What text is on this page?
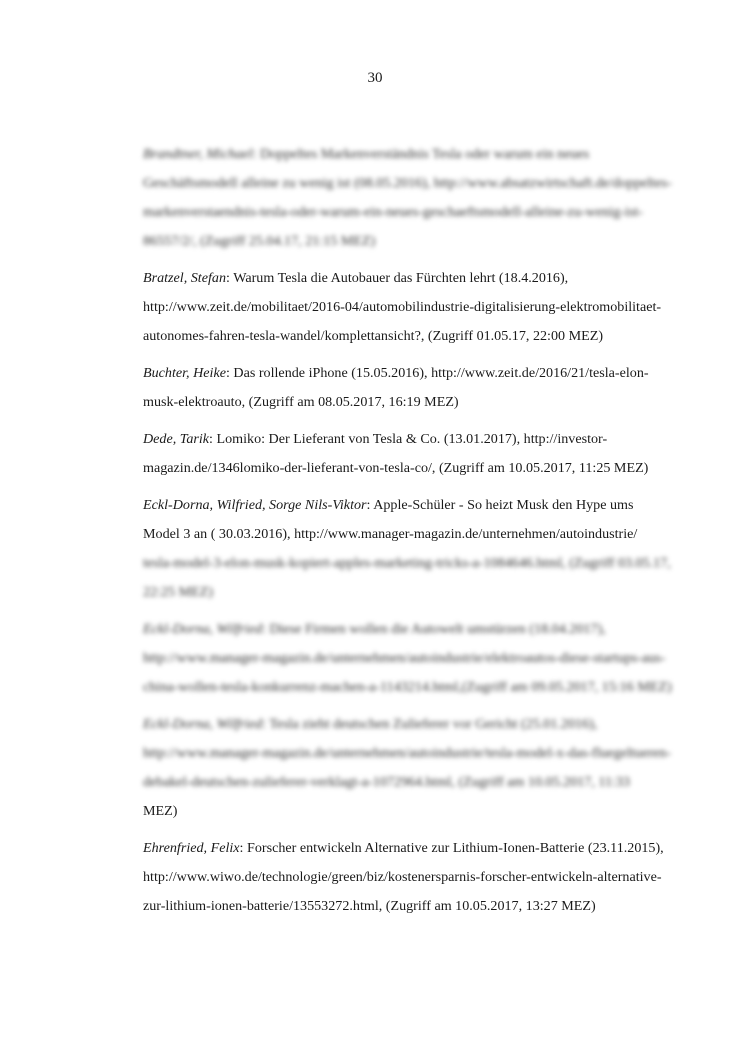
30

Brandtner, Michael: Doppeltes Markenverständnis Tesla oder warum ein neues Geschäftsmodell alleine zu wenig ist (08.05.2016), http://www.absatzwirtschaft.de/doppeltes-markenverstaendnis-tesla-oder-warum-ein-neues-geschaeftsmodell-alleine-zu-wenig-ist-86557/2/, (Zugriff 25.04.17, 21:15 MEZ)

Bratzel, Stefan: Warum Tesla die Autobauer das Fürchten lehrt (18.4.2016), http://www.zeit.de/mobilitaet/2016-04/automobilindustrie-digitalisierung-elektromobilitaet-autonomes-fahren-tesla-wandel/komplettansicht?, (Zugriff 01.05.17, 22:00 MEZ)

Buchter, Heike: Das rollende iPhone (15.05.2016), http://www.zeit.de/2016/21/tesla-elon-musk-elektroauto, (Zugriff am 08.05.2017, 16:19 MEZ)

Dede, Tarik: Lomiko: Der Lieferant von Tesla & Co. (13.01.2017), http://investor-magazin.de/1346lomiko-der-lieferant-von-tesla-co/, (Zugriff am 10.05.2017, 11:25 MEZ)

Eckl-Dorna, Wilfried, Sorge Nils-Viktor: Apple-Schüler - So heizt Musk den Hype ums Model 3 an ( 30.03.2016), http://www.manager-magazin.de/unternehmen/autoindustrie/ tesla-model-3-elon-musk-kopiert-apples-marketing-tricks-a-1084646.html, (Zugriff 03.05.17, 22:25 MEZ)

Eckl-Dorna, Wilfried: Diese Firmen wollen die Autowelt umstürzen (18.04.2017), http://www.manager-magazin.de/unternehmen/autoindustrie/elektroautos-diese-startups-aus-china-wollen-tesla-konkurrenz-machen-a-1143214.html,(Zugriff am 09.05.2017, 15:16 MEZ)

Eckl-Dorna, Wilfried: Tesla zieht deutschen Zulieferer vor Gericht (25.01.2016), http://www.manager-magazin.de/unternehmen/autoindustrie/tesla-model-x-das-fluegeltueren-debakel-deutschen-zulieferer-verklagt-a-1072964.html, (Zugriff am 10.05.2017, 11:33
MEZ)

Ehrenfried, Felix: Forscher entwickeln Alternative zur Lithium-Ionen-Batterie (23.11.2015), http://www.wiwo.de/technologie/green/biz/kostenersparnis-forscher-entwickeln-alternative-zur-lithium-ionen-batterie/13553272.html, (Zugriff am 10.05.2017, 13:27 MEZ)
